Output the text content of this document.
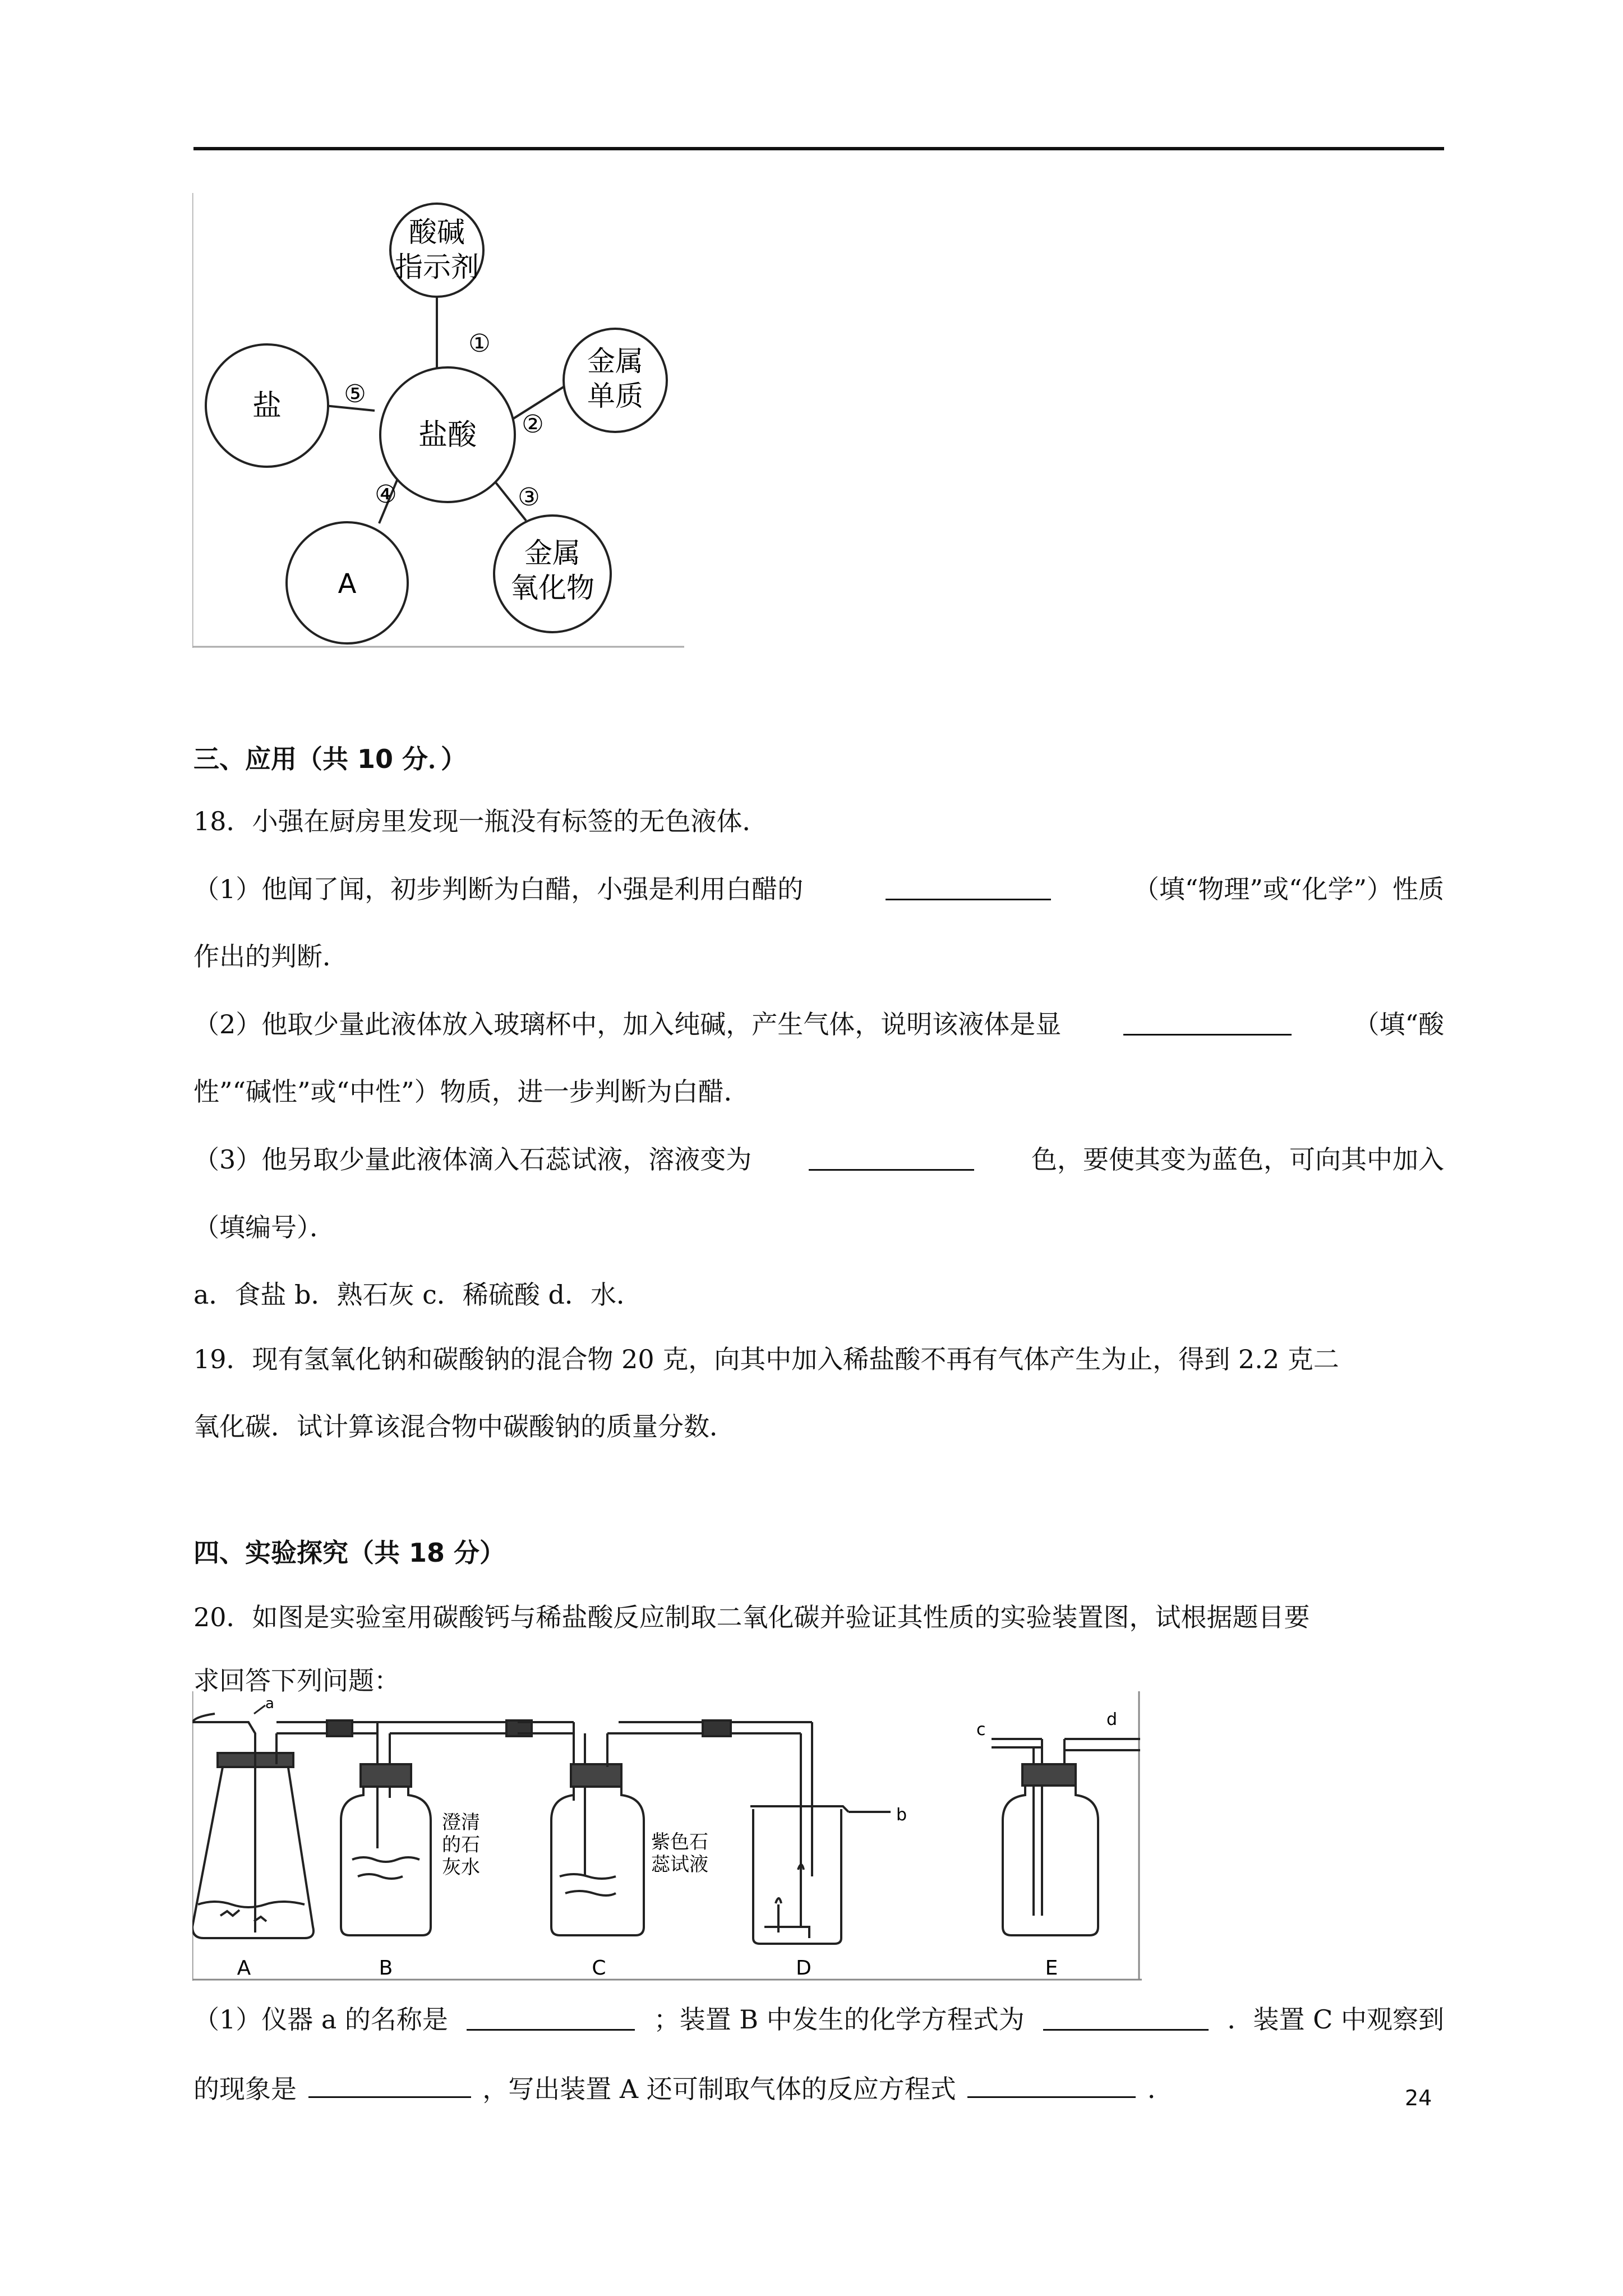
酸碱
指示剂
金属
单质
盐酸
盐
A
金属
氧化物
①
②
③
④
⑤

三、应用（共 10 分．）

18．小强在厨房里发现一瓶没有标签的无色液体．

（1）他闻了闻，初步判断为白醋，小强是利用白醋的	（填“物理”或“化学”）性质

作出的判断．

（2）他取少量此液体放入玻璃杯中，加入纯碱，产生气体，说明该液体是显	（填“酸

性”“碱性”或“中性”）物质，进一步判断为白醋．

（3）他另取少量此液体滴入石蕊试液，溶液变为	色，要使其变为蓝色，可向其中加入

（填编号）．

a．食盐 b．熟石灰 c．稀硫酸 d．水．

19．现有氢氧化钠和碳酸钠的混合物 20 克，向其中加入稀盐酸不再有气体产生为止，得到 2.2 克二

氧化碳．试计算该混合物中碳酸钠的质量分数．

四、实验探究（共 18 分）

20．如图是实验室用碳酸钙与稀盐酸反应制取二氧化碳并验证其性质的实验装置图，试根据题目要

求回答下列问题：

a
b
c
d
澄清
的石
灰水
紫色石
蕊试液
A	B	C	D	E

（1）仪器 a 的名称是	；装置 B 中发生的化学方程式为	．装置 C 中观察到

的现象是	，写出装置 A 还可制取气体的反应方程式	．	24
